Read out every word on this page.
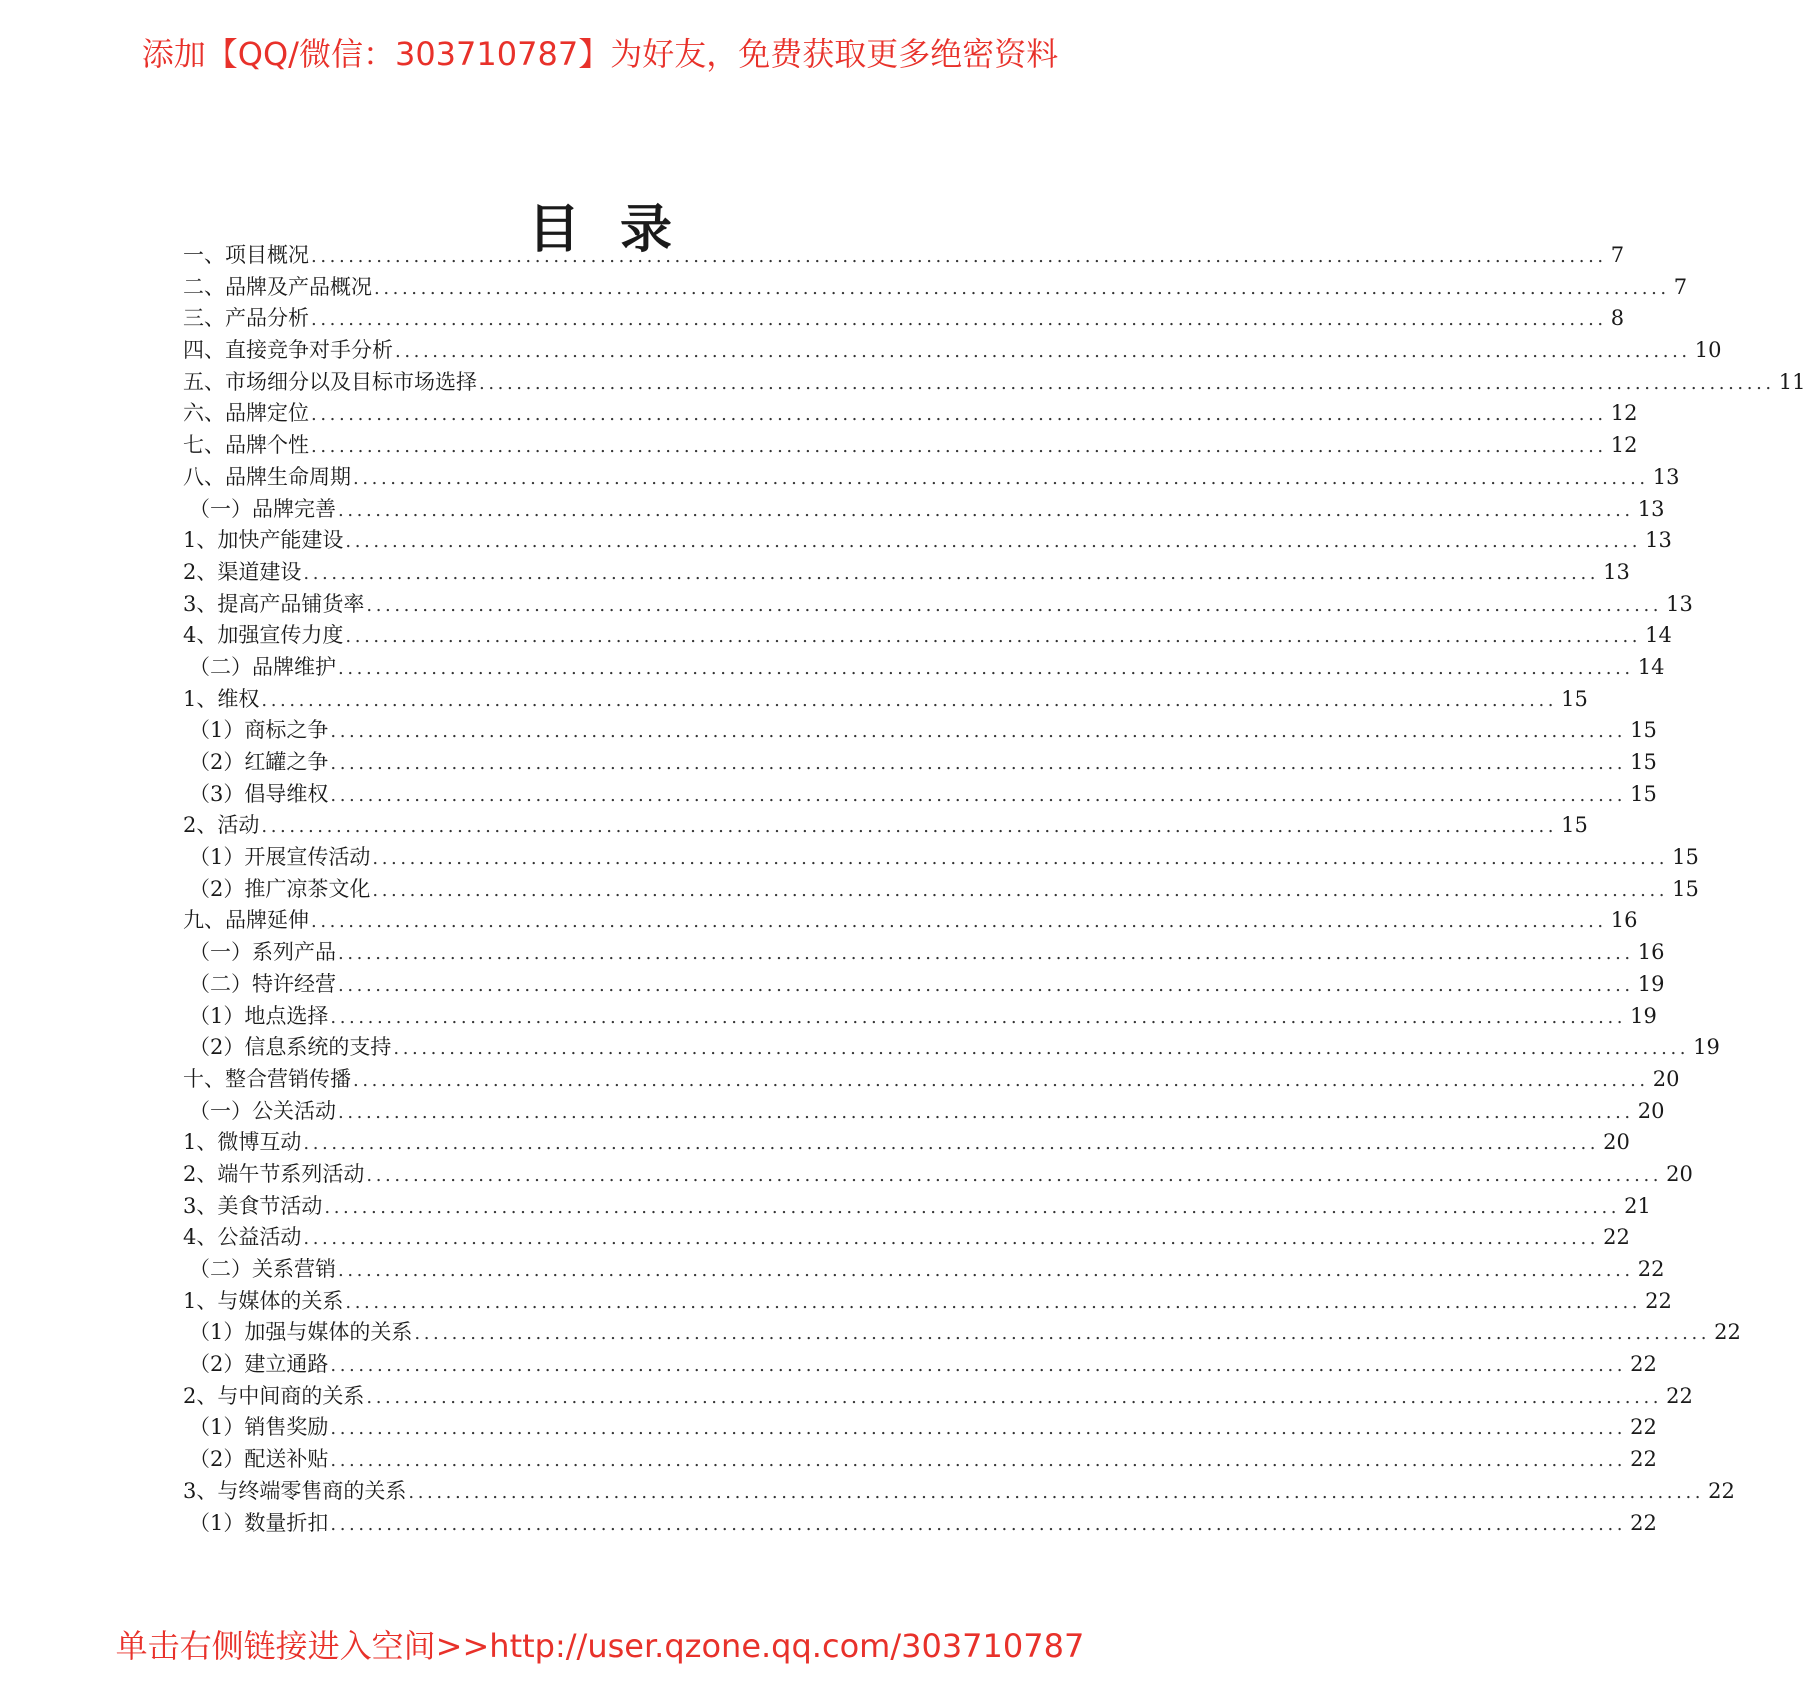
添加【QQ/微信：303710787】为好友，免费获取更多绝密资料
目录
一、项目概况 ........................................................................................................................................... 7
二、品牌及产品概况 ........................................................................................................................................... 7
三、产品分析 ........................................................................................................................................... 8
四、直接竞争对手分析 ........................................................................................................................................... 10
五、市场细分以及目标市场选择 ........................................................................................................................................... 11
六、品牌定位 ........................................................................................................................................... 12
七、品牌个性 ........................................................................................................................................... 12
八、品牌生命周期 ........................................................................................................................................... 13
（一）品牌完善 ........................................................................................................................................... 13
1、加快产能建设 ........................................................................................................................................... 13
2、渠道建设 ........................................................................................................................................... 13
3、提高产品铺货率 ........................................................................................................................................... 13
4、加强宣传力度 ........................................................................................................................................... 14
（二）品牌维护 ........................................................................................................................................... 14
1、维权 ........................................................................................................................................... 15
（1）商标之争 ........................................................................................................................................... 15
（2）红罐之争 ........................................................................................................................................... 15
（3）倡导维权 ........................................................................................................................................... 15
2、活动 ........................................................................................................................................... 15
（1）开展宣传活动 ........................................................................................................................................... 15
（2）推广凉茶文化 ........................................................................................................................................... 15
九、品牌延伸 ........................................................................................................................................... 16
（一）系列产品 ........................................................................................................................................... 16
（二）特许经营 ........................................................................................................................................... 19
（1）地点选择 ........................................................................................................................................... 19
（2）信息系统的支持 ........................................................................................................................................... 19
十、整合营销传播 ........................................................................................................................................... 20
（一）公关活动 ........................................................................................................................................... 20
1、微博互动 ........................................................................................................................................... 20
2、端午节系列活动 ........................................................................................................................................... 20
3、美食节活动 ........................................................................................................................................... 21
4、公益活动 ........................................................................................................................................... 22
（二）关系营销 ........................................................................................................................................... 22
1、与媒体的关系 ........................................................................................................................................... 22
（1）加强与媒体的关系 ........................................................................................................................................... 22
（2）建立通路 ........................................................................................................................................... 22
2、与中间商的关系 ........................................................................................................................................... 22
（1）销售奖励 ........................................................................................................................................... 22
（2）配送补贴 ........................................................................................................................................... 22
3、与终端零售商的关系 ........................................................................................................................................... 22
（1）数量折扣 ........................................................................................................................................... 22
单击右侧链接进入空间>>http://user.qzone.qq.com/303710787
